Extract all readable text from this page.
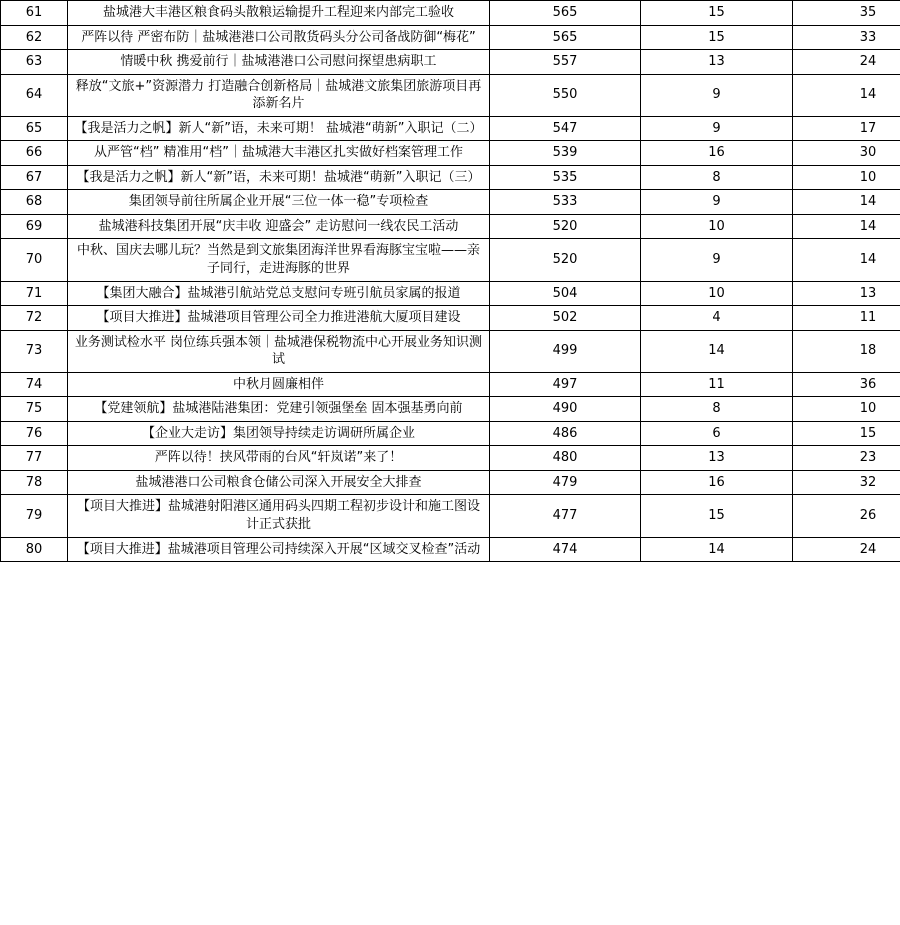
61	盐城港大丰港区粮食码头散粮运输提升工程迎来内部完工验收	565	15	35
62	严阵以待 严密布防｜盐城港港口公司散货码头分公司备战防御“梅花”	565	15	33
63	情暖中秋 携爱前行｜盐城港港口公司慰问探望患病职工	557	13	24
64	释放“文旅+”资源潜力 打造融合创新格局｜盐城港文旅集团旅游项目再添新名片	550	9	14
65	【我是活力之帆】新人“新”语，未来可期！ 盐城港“萌新”入职记（二）	547	9	17
66	从严管“档” 精准用“档”｜盐城港大丰港区扎实做好档案管理工作	539	16	30
67	【我是活力之帆】新人“新”语，未来可期！盐城港“萌新”入职记（三）	535	8	10
68	集团领导前往所属企业开展“三位一体一稳”专项检查	533	9	14
69	盐城港科技集团开展“庆丰收 迎盛会” 走访慰问一线农民工活动	520	10	14
70	中秋、国庆去哪儿玩？当然是到文旅集团海洋世界看海豚宝宝啦——亲子同行，走进海豚的世界	520	9	14
71	【集团大融合】盐城港引航站党总支慰问专班引航员家属的报道	504	10	13
72	【项目大推进】盐城港项目管理公司全力推进港航大厦项目建设	502	4	11
73	业务测试检水平 岗位练兵强本领｜盐城港保税物流中心开展业务知识测试	499	14	18
74	中秋月圆廉相伴	497	11	36
75	【党建领航】盐城港陆港集团：党建引领强堡垒 固本强基勇向前	490	8	10
76	【企业大走访】集团领导持续走访调研所属企业	486	6	15
77	严阵以待！挟风带雨的台风“轩岚诺”来了！	480	13	23
78	盐城港港口公司粮食仓储公司深入开展安全大排查	479	16	32
79	【项目大推进】盐城港射阳港区通用码头四期工程初步设计和施工图设计正式获批	477	15	26
80	【项目大推进】盐城港项目管理公司持续深入开展“区域交叉检查”活动	474	14	24
